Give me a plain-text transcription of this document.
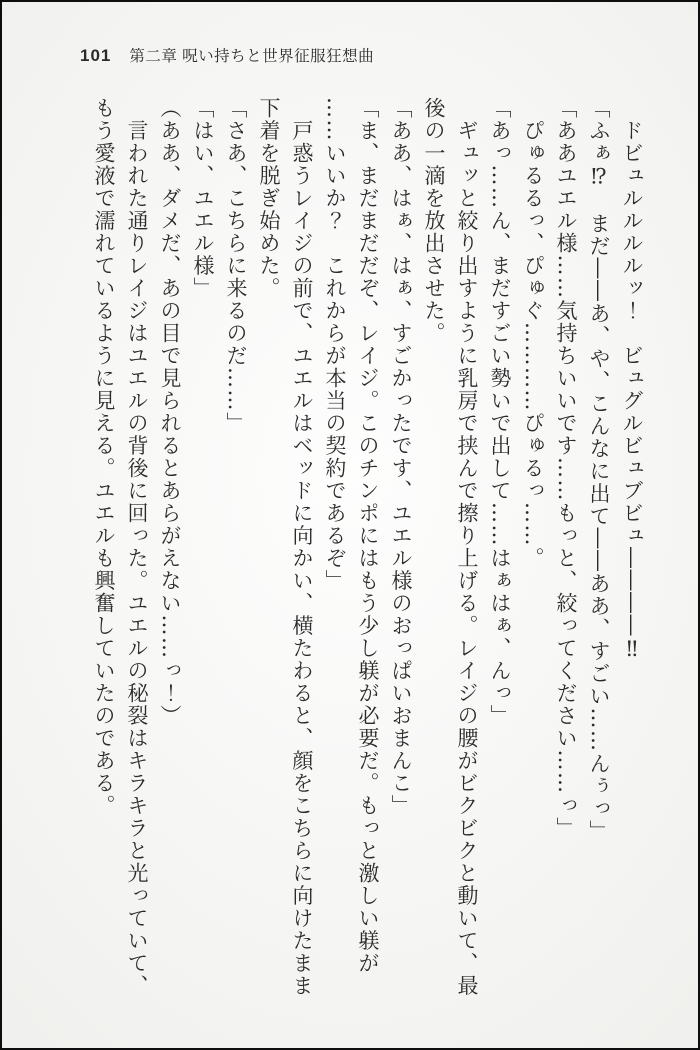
101 第二章 呪い持ちと世界征服狂想曲

　ドビュルルルルッ！　ビュグルビュブビュ――――‼

「ふぁ⁉　まだ――あ、や、こんなに出て――ああ、すごい……んぅっ」

「ああユエル様……気持ちいいです……もっと、絞ってください……っ」

　ぴゅるるっ、ぴゅぐ…………ぴゅるっ……。

「あっ……ん、まだすごい勢いで出して……はぁはぁ、んっ」

　ギュッと絞り出すように乳房で挟んで擦り上げる。レイジの腰がビクビクと動いて、最

後の一滴を放出させた。

「ああ、はぁ、はぁ、すごかったです、ユエル様のおっぱいおまんこ」

「ま、まだまだだぞ、レイジ。このチンポにはもう少し躾が必要だ。もっと激しい躾が

……いいか？　これからが本当の契約であるぞ」

　戸惑うレイジの前で、ユエルはベッドに向かい、横たわると、顔をこちらに向けたまま

下着を脱ぎ始めた。

「さあ、こちらに来るのだ……」

「はい、ユエル様」

（ああ、ダメだ、あの目で見られるとあらがえない……っ！）

　言われた通りレイジはユエルの背後に回った。ユエルの秘裂はキラキラと光っていて、

もう愛液で濡れているように見える。ユエルも興奮していたのである。
